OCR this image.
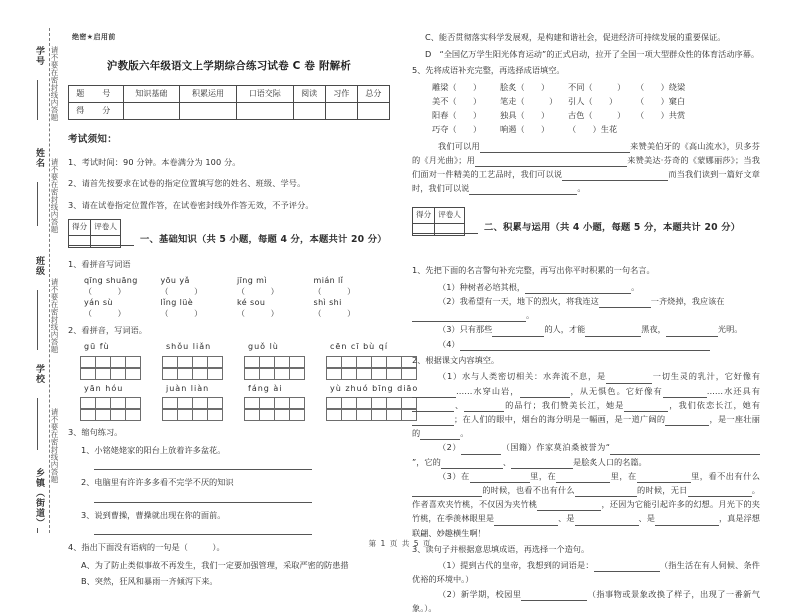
请不要在密封线内答题
请不要在密封线内答题
请不要在密封线内答题
请不要在密封线内答题
学号
姓名
班级
学校
乡镇（街道）
绝密★启用前
沪教版六年级语文上学期综合练习试卷 C 卷 附解析
题　号	知识基础	积累运用	口语交际	阅读	习作	总分
得　分						
考试须知：
1、考试时间：90 分钟。本卷满分为 100 分。
2、请首先按要求在试卷的指定位置填写您的姓名、班级、学号。
3、请在试卷指定位置作答，在试卷密封线外作答无效，不予评分。
得分	评卷人

一、基础知识（共 5 小题，每题 4 分，本题共计 20 分）
1、看拼音写词语
qīng shuāng	yōu yǎ	jīng mì	mián lǐ
（　　　）	（　　　）	（　　　）	（　　　）
yán sù	lǐng lüè	ké sou	shì shi
（　　　）	（　　　）	（　　　）	（　　　）
2、看拼音，写词语。
gū fù	shǒu liǎn	guǒ lù	cēn cī bù qí
yān hóu	juàn liàn	fáng ài	yù zhuó bīng diāo
3、缩句练习。
1、小铭姥姥家的阳台上放着许多盆花。
2、电脑里有许许多多看不完学不厌的知识
3、说到曹操，曹操就出现在你的面前。
4、指出下面没有语病的一句是（　　　）。
A、为了防止类似事故不再发生，我们一定要加强管理，采取严密的防患措
B、突然，狂风和暴雨一齐倾泻下来。
C、能否贯彻落实科学发展观，是构建和谐社会，促进经济可持续发展的重要保证。
D　“全国亿万学生阳光体育运动”的正式启动，拉开了全国一项大型群众性的体育活动序幕。
5、先将成语补充完整，再选择成语填空。
雕梁（　　）	脍炙（　　）	不同（　　　）	（　　）绕梁
美不（　　）	笔走（　　　）	引人（　　）	（　　）窠白
阳春（　　）	独具（　　）	古色（　　　）	（　　）共赏
巧夺（　　）	响遏（　　）	（　　）生花

我们可以用	来赞美伯牙的《高山流水》，贝多芬的《月光曲》；用	来赞美达·芬奇的《蒙娜丽莎》；当我们面对一件精美的工艺品时，我们可以说	而当我们读到一篇好文章时，我们可以说	。

得分	评卷人

二、积累与运用（共 4 小题，每题 5 分，本题共计 20 分）
1、先把下面的名言警句补充完整，再写出你平时积累的一句名言。

（1）种树者必培其根，	。

（2）我希望有一天，地下的烈火，将我连这	一齐烧掉，我应该在

。

（3）只有那些	的人，才能	黑夜，	光明。

（4）

2、根据课文内容填空。

（1）水与人类密切相关：水奔流不息，是	一切生灵的乳汁，它好像有……水穿山岩，	，从无惧色。它好像有	……水还具有、	的品行；我们赞美长江，她是	，我们依恋长江，她有；在人们的眼中，烟台的海分明是一幅画，是一道广阔的	，是一座壮丽的	。

（2）	（国籍）作家莫泊桑被誉为“”，它的	、	是脍炙人口的名篇。

（3）在	里，在	里，在	里，看不出有什么的时候，也看不出有什么	的时候，无日	。作者喜欢夹竹桃，不仅因为夹竹桃	，还因为它能引起许多的幻想。月光下的夹竹桃，在季羡林眼里是	、是	、是	，真是浮想联翩、妙趣横生啊！

3、读句子并根据意思填成语，再选择一个造句。

（1）提到古代的皇帝，我想到的词语是：	（指生活在有人伺候、条件优裕的环境中。）

（2）新学期，校园里	（指事物或景象改换了样子，出现了一番新气象。）。

第 1 页 共 5 页
